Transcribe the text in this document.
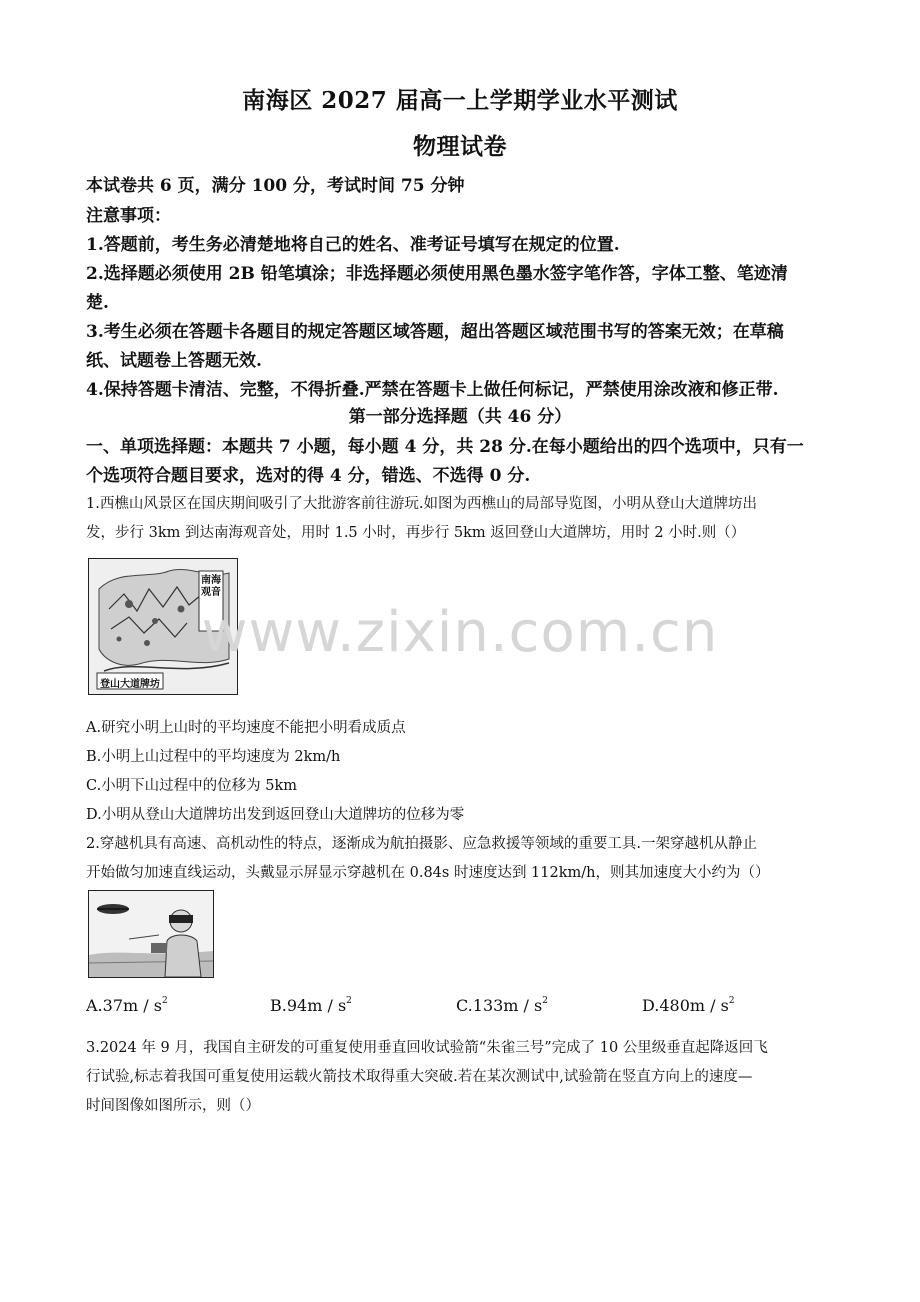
南海区 2027 届高一上学期学业水平测试
物理试卷
本试卷共 6 页，满分 100 分，考试时间 75 分钟
注意事项：
1.答题前，考生务必清楚地将自己的姓名、准考证号填写在规定的位置.
2.选择题必须使用 2B 铅笔填涂；非选择题必须使用黑色墨水签字笔作答，字体工整、笔迹清
楚.
3.考生必须在答题卡各题目的规定答题区域答题，超出答题区域范围书写的答案无效；在草稿
纸、试题卷上答题无效.
4.保持答题卡清洁、完整，不得折叠.严禁在答题卡上做任何标记，严禁使用涂改液和修正带.
第一部分选择题（共 46 分）
一、单项选择题：本题共 7 小题，每小题 4 分，共 28 分.在每小题给出的四个选项中，只有一
个选项符合题目要求，选对的得 4 分，错选、不选得 0 分.
1.西樵山风景区在国庆期间吸引了大批游客前往游玩.如图为西樵山的局部导览图，小明从登山大道牌坊出
发，步行 3km 到达南海观音处，用时 1.5 小时，再步行 5km 返回登山大道牌坊，用时 2 小时.则（）
南海观音
登山大道牌坊
A.研究小明上山时的平均速度不能把小明看成质点
B.小明上山过程中的平均速度为 2km/h
C.小明下山过程中的位移为 5km
D.小明从登山大道牌坊出发到返回登山大道牌坊的位移为零
2.穿越机具有高速、高机动性的特点，逐渐成为航拍摄影、应急救援等领域的重要工具.一架穿越机从静止
开始做匀加速直线运动，头戴显示屏显示穿越机在 0.84s 时速度达到 112km/h，则其加速度大小约为（）
$A.37m / s^2$	$B.94m / s^2$	$C.133m / s^2$	$D.480m / s^2$
3.2024 年 9 月，我国自主研发的可重复使用垂直回收试验箭“朱雀三号”完成了 10 公里级垂直起降返回飞
行试验,标志着我国可重复使用运载火箭技术取得重大突破.若在某次测试中,试验箭在竖直方向上的速度—
时间图像如图所示，则（）
www.zixin.com.cn
